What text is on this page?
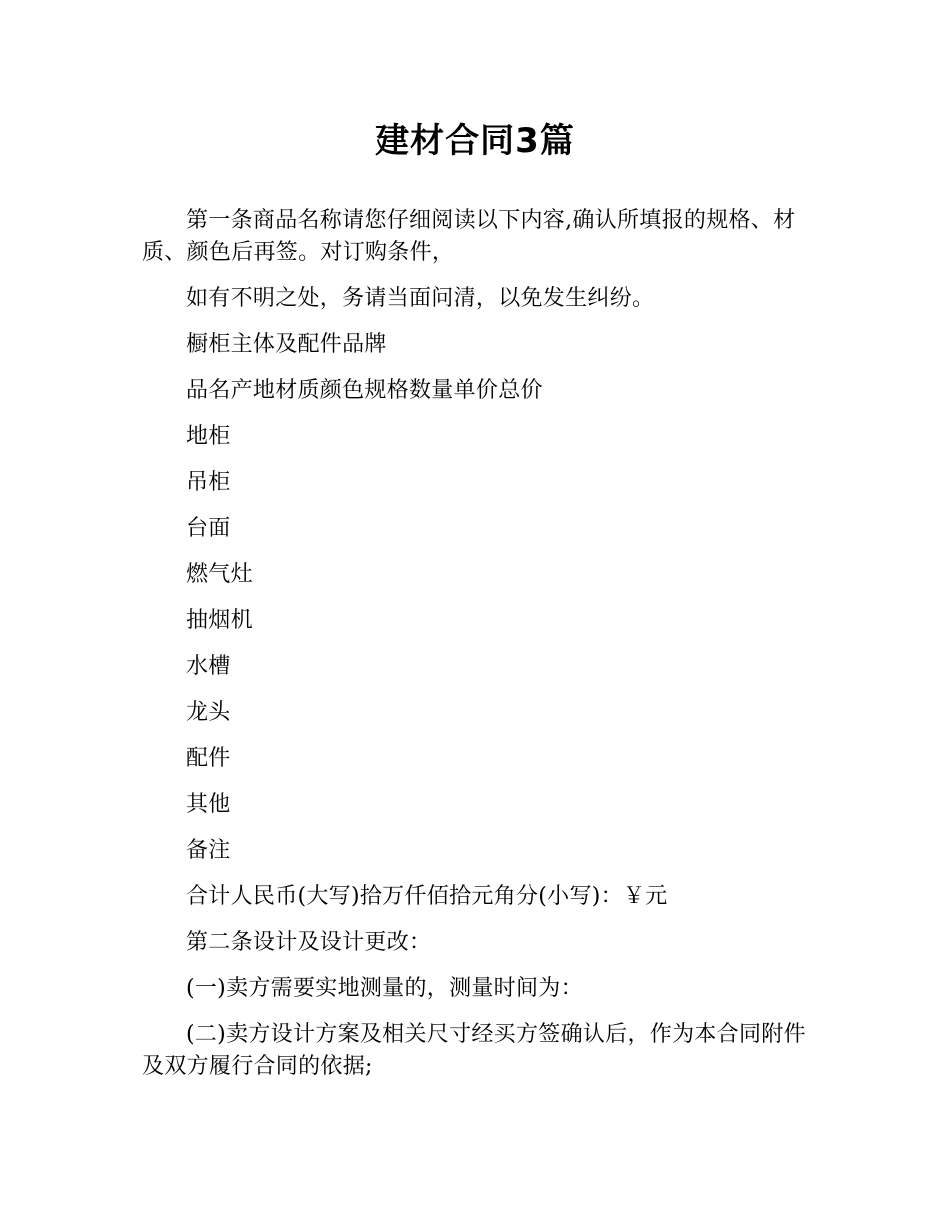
建材合同3篇

第一条商品名称请您仔细阅读以下内容,确认所填报的规格、材质、颜色后再签。对订购条件，

如有不明之处，务请当面问清，以免发生纠纷。

橱柜主体及配件品牌

品名产地材质颜色规格数量单价总价

地柜

吊柜

台面

燃气灶

抽烟机

水槽

龙头

配件

其他

备注

合计人民币(大写)拾万仟佰拾元角分(小写)：￥元

第二条设计及设计更改：

(一)卖方需要实地测量的，测量时间为：

(二)卖方设计方案及相关尺寸经买方签确认后，作为本合同附件及双方履行合同的依据;
